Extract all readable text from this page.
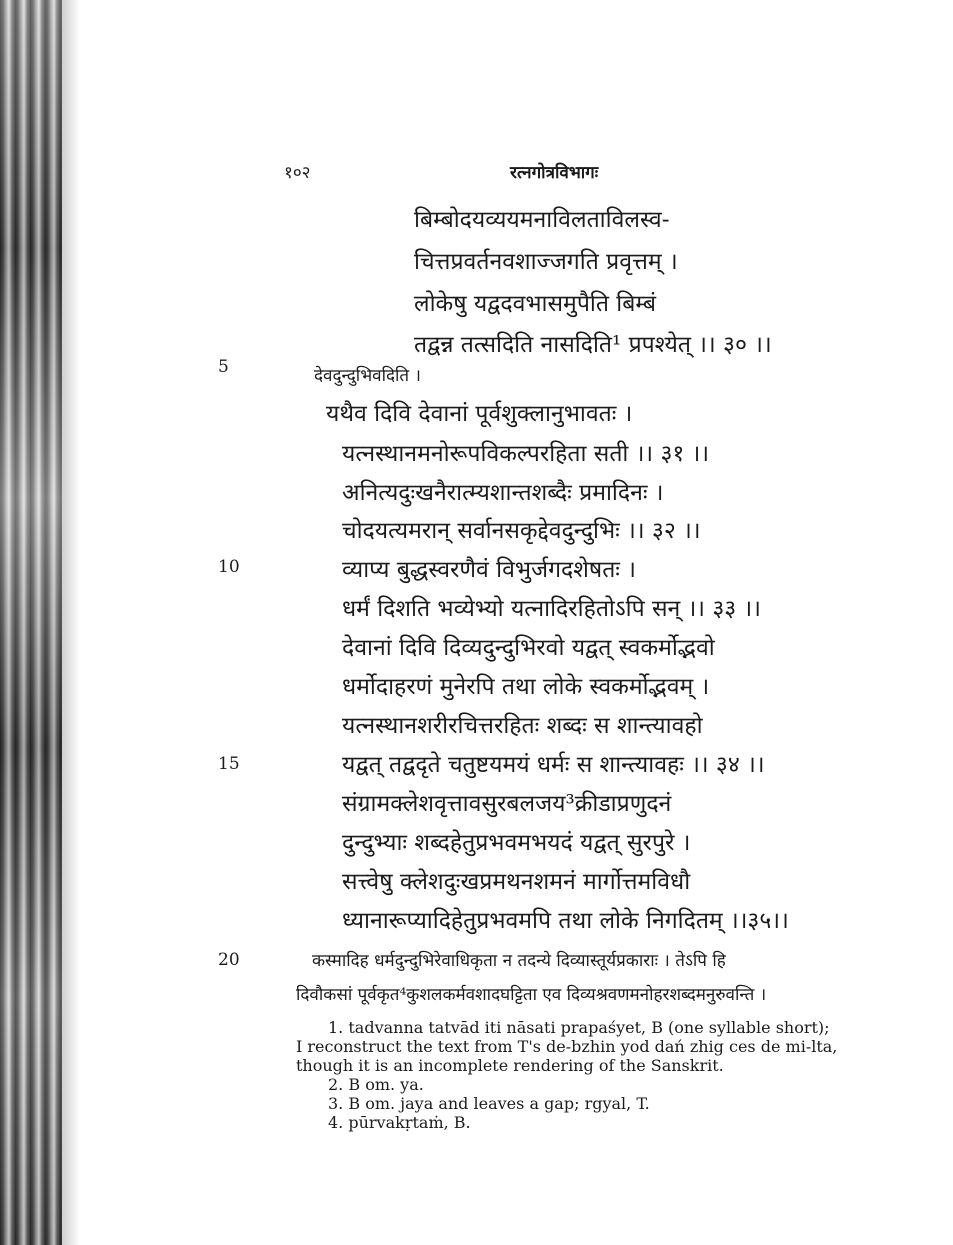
१०२	रत्नगोत्रविभागः
5
10
15
20
बिम्बोदयव्ययमनाविलताविलस्व-
चित्तप्रवर्तनवशाज्जगति प्रवृत्तम् ।
लोकेषु यद्वदवभासमुपैति बिम्बं
तद्वन्न तत्सदिति नासदिति¹ प्रपश्येत् ।। ३० ।।
देवदुन्दुभिवदिति ।
यथैव दिवि देवानां पूर्वशुक्लानुभावतः ।
यत्नस्थानमनोरूपविकल्परहिता सती ।। ३१ ।।
अनित्यदुःखनैरात्म्यशान्तशब्दैः प्रमादिनः ।
चोदयत्यमरान् सर्वानसकृद्देवदुन्दुभिः ।। ३२ ।।
व्याप्य बुद्धस्वरणैवं विभुर्जगदशेषतः ।
धर्मं दिशति भव्येभ्यो यत्नादिरहितोऽपि सन् ।। ३३ ।।
देवानां दिवि दिव्यदुन्दुभिरवो यद्वत् स्वकर्मोद्भवो
धर्मोदाहरणं मुनेरपि तथा लोके स्वकर्मोद्भवम् ।
यत्नस्थानशरीरचित्तरहितः शब्दः स शान्त्यावहो
यद्वत् तद्वदृते चतुष्टयमयं धर्मः स शान्त्यावहः ।। ३४ ।।
संग्रामक्लेशवृत्तावसुरबलजय³क्रीडाप्रणुदनं
दुन्दुभ्याः शब्दहेतुप्रभवमभयदं यद्वत् सुरपुरे ।
सत्त्वेषु क्लेशदुःखप्रमथनशमनं मार्गोत्तमविधौ
ध्यानारूप्यादिहेतुप्रभवमपि तथा लोके निगदितम् ।।३५।।
कस्मादिह धर्मदुन्दुभिरेवाधिकृता न तदन्ये दिव्यास्तूर्यप्रकाराः । तेऽपि हि
दिवौकसां पूर्वकृत⁴कुशलकर्मवशादघट्टिता एव दिव्यश्रवणमनोहरशब्दमनुरुवन्ति ।
1. tadvanna tatvād iti nāsati prapaśyet, B (one syllable short);
I reconstruct the text from T's de-bzhin yod dań zhig ces de mi-lta,
though it is an incomplete rendering of the Sanskrit.
2. B om. ya.
3. B om. jaya and leaves a gap; rgyal, T.
4. pūrvakṛtaṁ, B.
